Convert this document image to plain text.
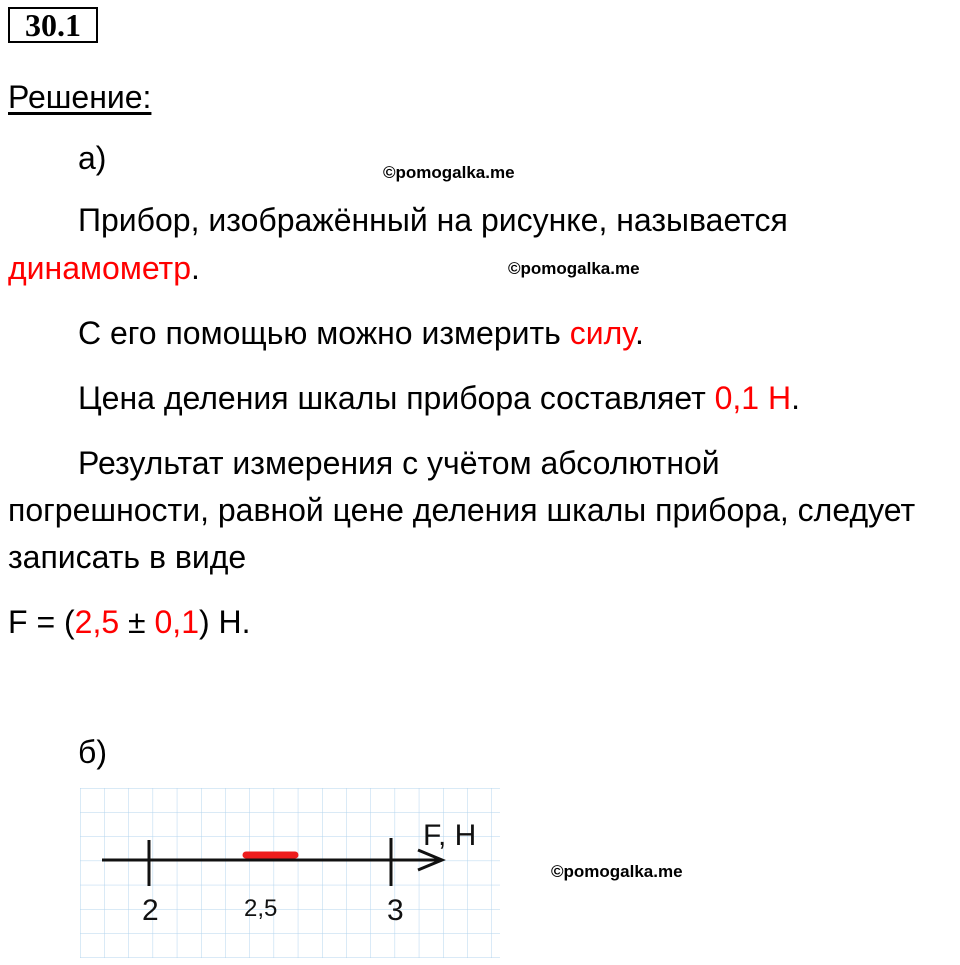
30.1
Решение:
а)	©pomogalka.me
Прибор, изображённый на рисунке, называется
динамометр.	©pomogalka.me
С его помощью можно измерить силу.
Цена деления шкалы прибора составляет 0,1 Н.
Результат измерения с учётом абсолютной
погрешности, равной цене деления шкалы прибора, следует
записать в виде
F = (2,5 ± 0,1) Н.
б)
2	2,5	3
F, Н
©pomogalka.me
